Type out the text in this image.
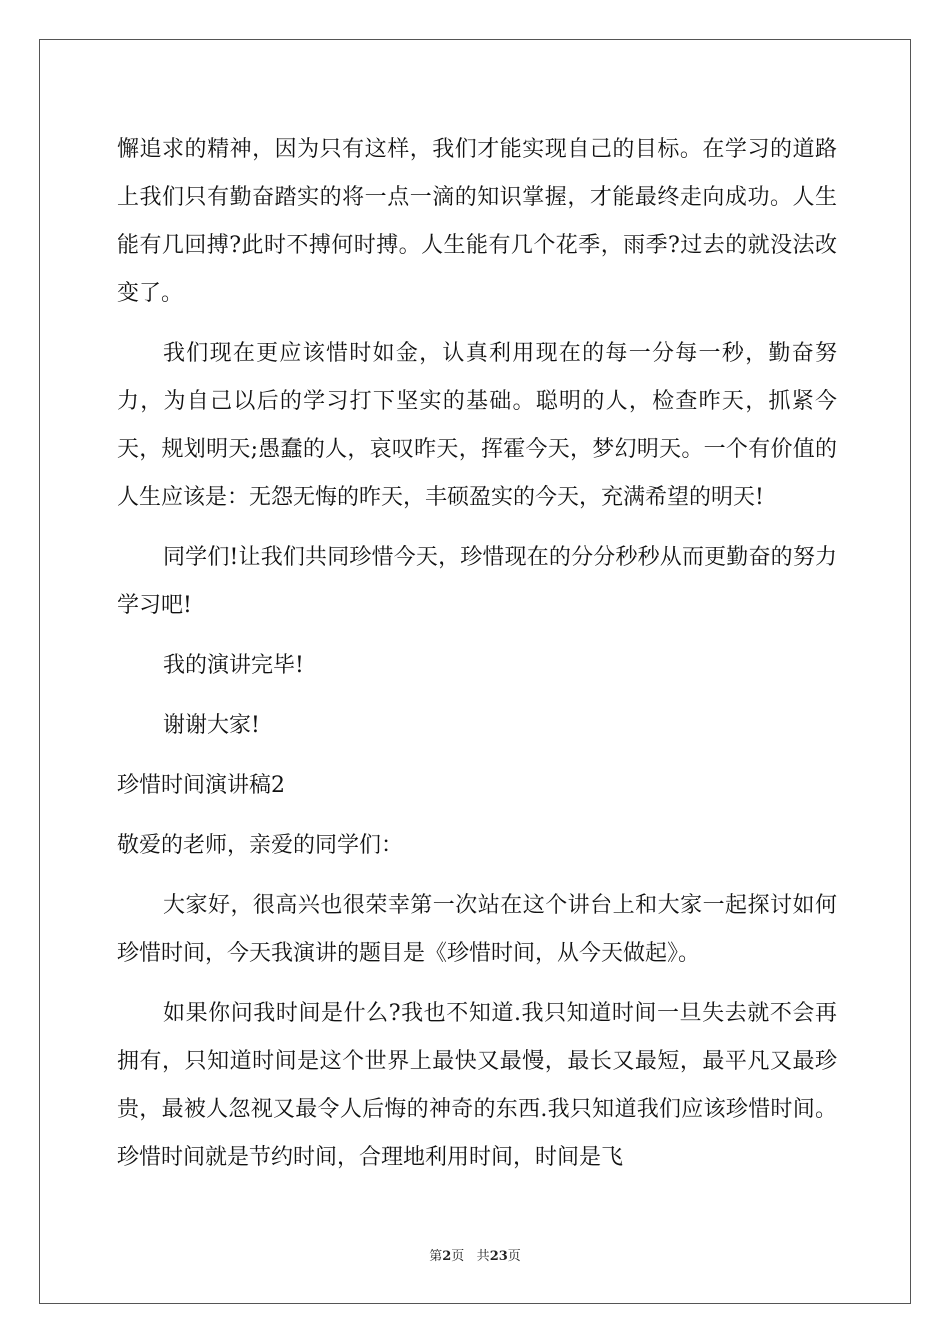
懈追求的精神，因为只有这样，我们才能实现自己的目标。在学习的道路上我们只有勤奋踏实的将一点一滴的知识掌握，才能最终走向成功。人生能有几回搏?此时不搏何时搏。人生能有几个花季，雨季?过去的就没法改变了。

我们现在更应该惜时如金，认真利用现在的每一分每一秒，勤奋努力，为自己以后的学习打下坚实的基础。聪明的人，检查昨天，抓紧今天，规划明天;愚蠢的人，哀叹昨天，挥霍今天，梦幻明天。一个有价值的人生应该是：无怨无悔的昨天，丰硕盈实的今天，充满希望的明天!

同学们!让我们共同珍惜今天，珍惜现在的分分秒秒从而更勤奋的努力学习吧!

我的演讲完毕!

谢谢大家!

珍惜时间演讲稿2

敬爱的老师，亲爱的同学们：

大家好，很高兴也很荣幸第一次站在这个讲台上和大家一起探讨如何珍惜时间，今天我演讲的题目是《珍惜时间，从今天做起》。

如果你问我时间是什么?我也不知道.我只知道时间一旦失去就不会再拥有，只知道时间是这个世界上最快又最慢，最长又最短，最平凡又最珍贵，最被人忽视又最令人后悔的神奇的东西.我只知道我们应该珍惜时间。珍惜时间就是节约时间，合理地利用时间，时间是飞

第2页 共23页
